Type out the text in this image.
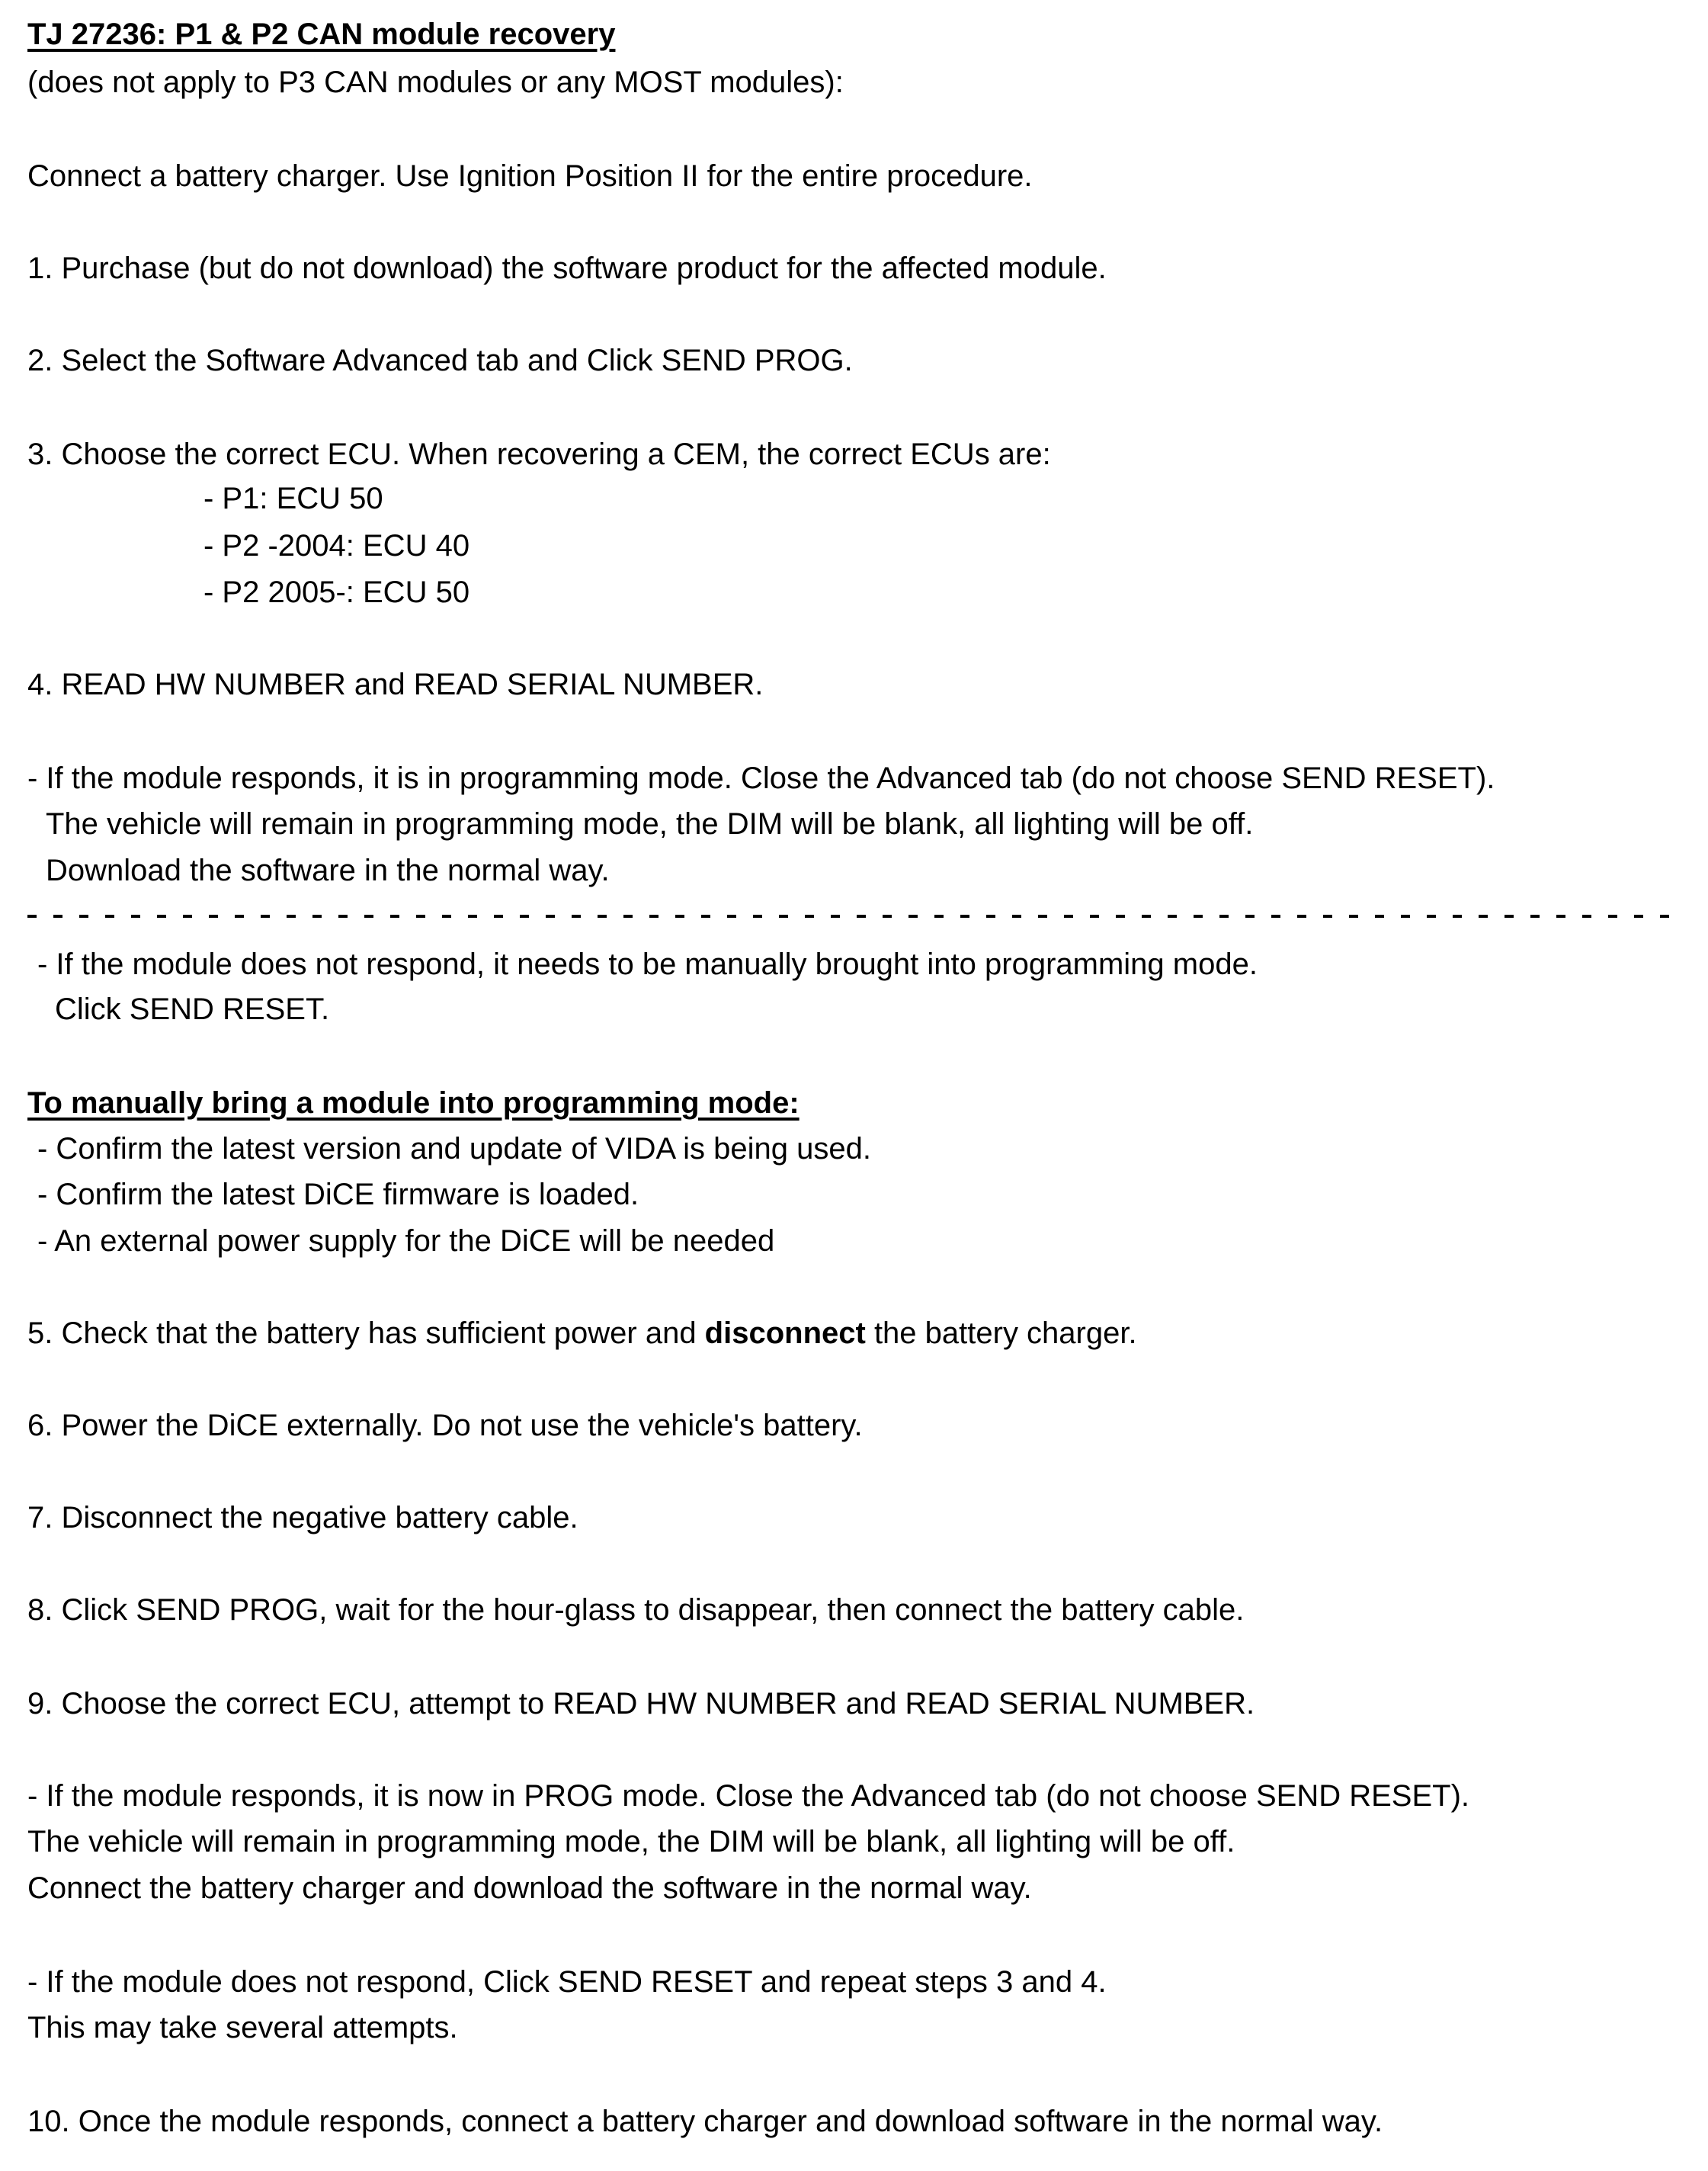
TJ 27236: P1 & P2 CAN module recovery
(does not apply to P3 CAN modules or any MOST modules):
Connect a battery charger. Use Ignition Position II for the entire procedure.
1. Purchase (but do not download) the software product for the affected module.
2. Select the Software Advanced tab and Click SEND PROG.
3. Choose the correct ECU. When recovering a CEM, the correct ECUs are:
- P1: ECU 50
- P2 -2004: ECU 40
- P2 2005-: ECU 50
4. READ HW NUMBER and READ SERIAL NUMBER.
- If the module responds, it is in programming mode. Close the Advanced tab (do not choose SEND RESET).
The vehicle will remain in programming mode, the DIM will be blank, all lighting will be off.
Download the software in the normal way.
- If the module does not respond, it needs to be manually brought into programming mode.
Click SEND RESET.
To manually bring a module into programming mode:
- Confirm the latest version and update of VIDA is being used.
- Confirm the latest DiCE firmware is loaded.
- An external power supply for the DiCE will be needed
5. Check that the battery has sufficient power and disconnect the battery charger.
6. Power the DiCE externally. Do not use the vehicle's battery.
7. Disconnect the negative battery cable.
8. Click SEND PROG, wait for the hour-glass to disappear, then connect the battery cable.
9. Choose the correct ECU, attempt to READ HW NUMBER and READ SERIAL NUMBER.
- If the module responds, it is now in PROG mode. Close the Advanced tab (do not choose SEND RESET).
The vehicle will remain in programming mode, the DIM will be blank, all lighting will be off.
Connect the battery charger and download the software in the normal way.
- If the module does not respond, Click SEND RESET and repeat steps 3 and 4.
This may take several attempts.
10. Once the module responds, connect a battery charger and download software in the normal way.
